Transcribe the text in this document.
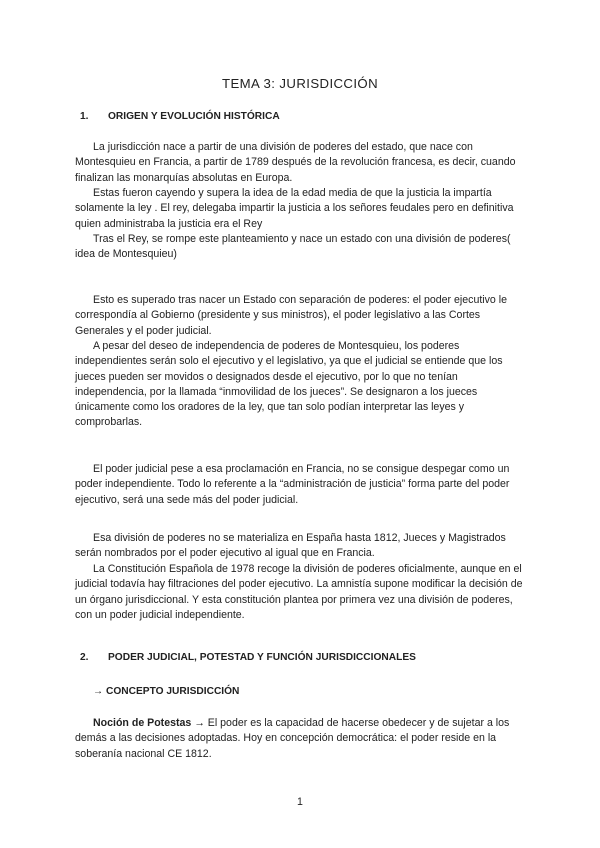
TEMA 3: JURISDICCIÓN
1. ORIGEN Y EVOLUCIÓN HISTÓRICA

La jurisdicción nace a partir de una división de poderes del estado, que nace con Montesquieu en Francia, a partir de 1789 después de la revolución francesa, es decir, cuando finalizan las monarquías absolutas en Europa.

Estas fueron cayendo y supera la idea de la edad media de que la justicia la impartía solamente la ley . El rey, delegaba impartir la justicia a los señores feudales pero en definitiva quien administraba la justicia era el Rey

Tras el Rey, se rompe este planteamiento y nace un estado con una división de poderes( idea de Montesquieu)

Esto es superado tras nacer un Estado con separación de poderes: el poder ejecutivo le correspondía al Gobierno (presidente y sus ministros), el poder legislativo a las Cortes Generales y el poder judicial.

A pesar del deseo de independencia de poderes de Montesquieu, los poderes independientes serán solo el ejecutivo y el legislativo, ya que el judicial se entiende que los jueces pueden ser movidos o designados desde el ejecutivo, por lo que no tenían independencia, por la llamada “inmovilidad de los jueces”. Se designaron a los jueces únicamente como los oradores de la ley, que tan solo podían interpretar las leyes y comprobarlas.

El poder judicial pese a esa proclamación en Francia, no se consigue despegar como un poder independiente. Todo lo referente a la “administración de justicia” forma parte del poder ejecutivo, será una sede más del poder judicial.

Esa división de poderes no se materializa en España hasta 1812, Jueces y Magistrados serán nombrados por el poder ejecutivo al igual que en Francia.

La Constitución Española de 1978 recoge la división de poderes oficialmente, aunque en el judicial todavía hay filtraciones del poder ejecutivo. La amnistía supone modificar la decisión de un órgano jurisdiccional. Y esta constitución plantea por primera vez una división de poderes, con un poder judicial independiente.

2. PODER JUDICIAL, POTESTAD Y FUNCIÓN JURISDICCIONALES
→ CONCEPTO JURISDICCIÓN

Noción de Potestas → El poder es la capacidad de hacerse obedecer y de sujetar a los demás a las decisiones adoptadas. Hoy en concepción democrática: el poder reside en la soberanía nacional CE 1812.

1
